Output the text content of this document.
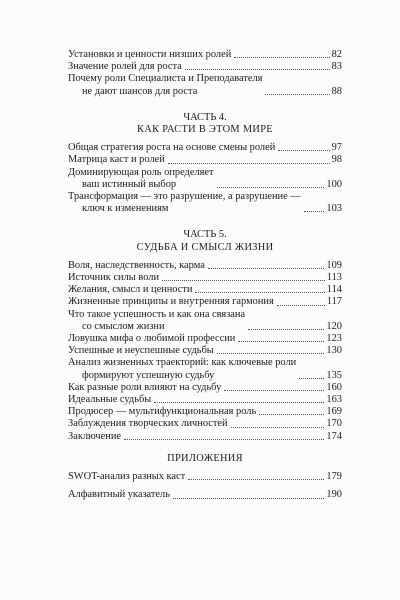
Установки и ценности низших ролей	82
Значение ролей для роста	83
Почему роли Специалиста и Преподавателя
не дают шансов для роста	88
ЧАСТЬ 4.
КАК РАСТИ В ЭТОМ МИРЕ
Общая стратегия роста на основе смены ролей	97
Матрица каст и ролей	98
Доминирующая роль определяет
ваш истинный выбор	100
Трансформация — это разрушение, а разрушение —
ключ к изменениям	103
ЧАСТЬ 5.
СУДЬБА И СМЫСЛ ЖИЗНИ
Воля, наследственность, карма	109
Источник силы воли	113
Желания, смысл и ценности	114
Жизненные принципы и внутренняя гармония	117
Что такое успешность и как она связана
со смыслом жизни	120
Ловушка мифа о любимой профессии	123
Успешные и неуспешные судьбы	130
Анализ жизненных траекторий: как ключевые роли
формируют успешную судьбу	135
Как разные роли влияют на судьбу	160
Идеальные судьбы	163
Продюсер — мультифункциональная роль	169
Заблуждения творческих личностей	170
Заключение	174
ПРИЛОЖЕНИЯ
SWOT-анализ разных каст	179
Алфавитный указатель	190
